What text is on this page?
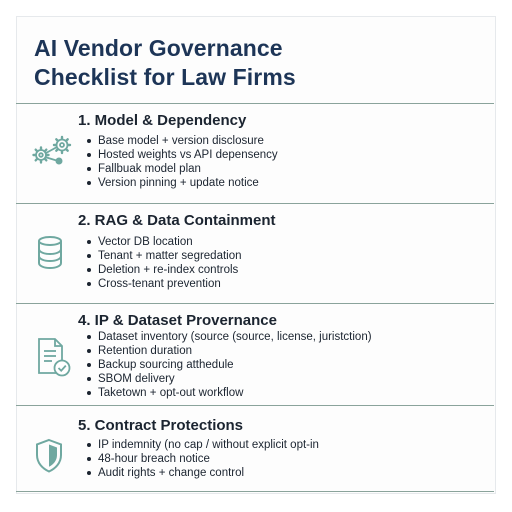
AI Vendor Governance
Checklist for Law Firms
1. Model & Dependency
Base model + version disclosure
Hosted weights vs API depensency
Fallbuak model plan
Version pinning + update notice
2. RAG & Data Containment
Vector DB location
Tenant + matter segredation
Deletion + re-index controls
Cross-tenant prevention
4. IP & Dataset Provernance
Dataset inventory (source (source, license, juristction)
Retention duration
Backup sourcing atthedule
SBOM delivery
Taketown + opt-out workflow
5. Contract Protections
IP indemnity (no cap / without explicit opt-in
48-hour breach notice
Audit rights + change control
